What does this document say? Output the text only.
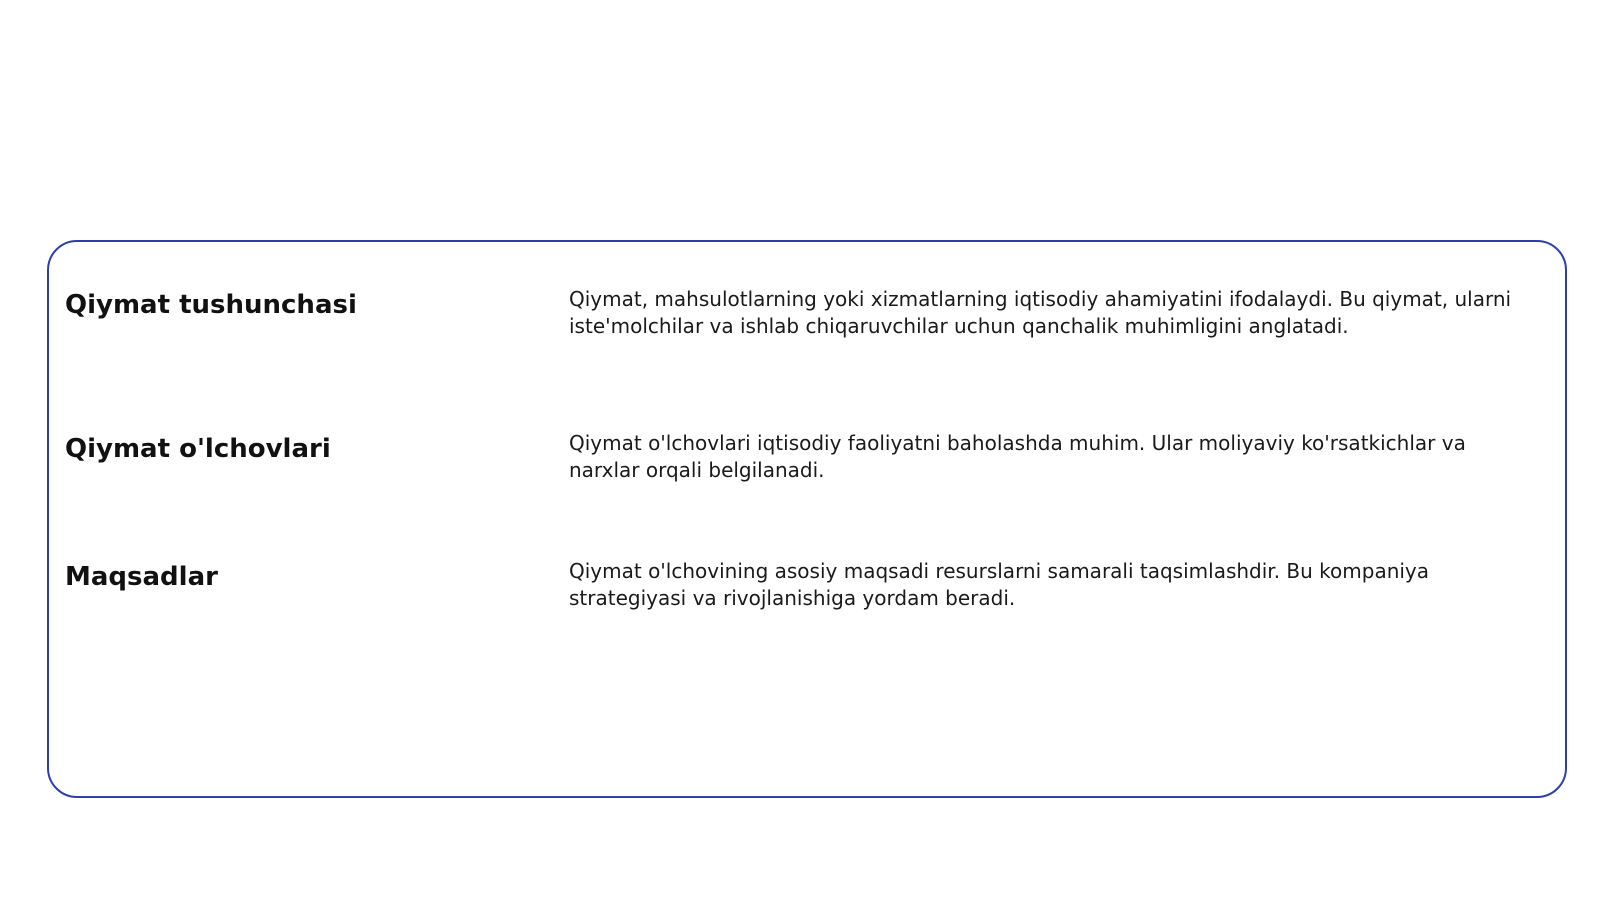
Qiymat tushunchasi	Qiymat, mahsulotlarning yoki xizmatlarning iqtisodiy ahamiyatini ifodalaydi. Bu qiymat, ularni iste'molchilar va ishlab chiqaruvchilar uchun qanchalik muhimligini anglatadi.

Qiymat o'lchovlari	Qiymat o'lchovlari iqtisodiy faoliyatni baholashda muhim. Ular moliyaviy ko'rsatkichlar va narxlar orqali belgilanadi.

Maqsadlar	Qiymat o'lchovining asosiy maqsadi resurslarni samarali taqsimlashdir. Bu kompaniya strategiyasi va rivojlanishiga yordam beradi.
